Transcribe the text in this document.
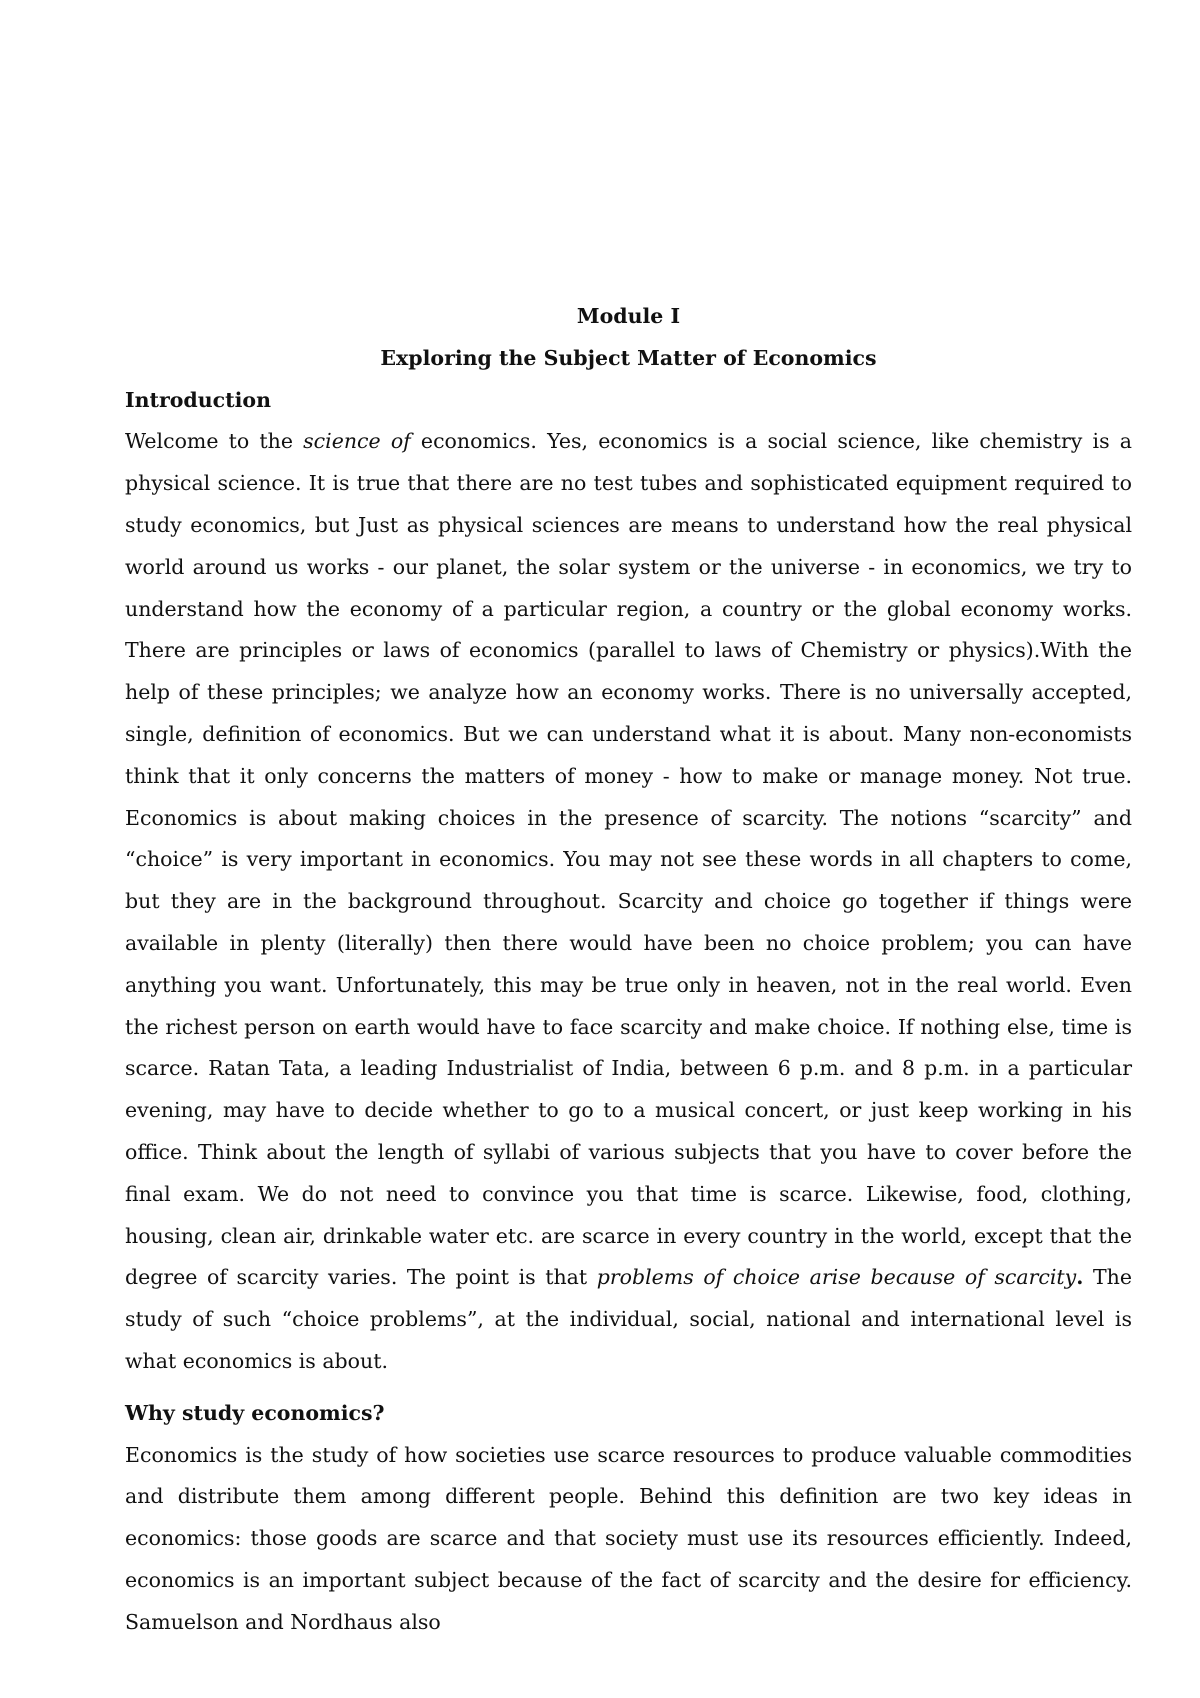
Module I

Exploring the Subject Matter of Economics

Introduction

Welcome to the science of economics. Yes, economics is a social science, like chemistry is a physical science. It is true that there are no test tubes and sophisticated equipment required to study economics, but Just as physical sciences are means to understand how the real physical world around us works - our planet, the solar system or the universe - in economics, we try to understand how the economy of a particular region, a country or the global economy works. There are principles or laws of economics (parallel to laws of Chemistry or physics).With the help of these principles; we analyze how an economy works. There is no universally accepted, single, definition of economics. But we can understand what it is about. Many non-economists think that it only concerns the matters of money - how to make or manage money. Not true. Economics is about making choices in the presence of scarcity. The notions “scarcity” and “choice” is very important in economics. You may not see these words in all chapters to come, but they are in the background throughout. Scarcity and choice go together if things were available in plenty (literally) then there would have been no choice problem; you can have anything you want. Unfortunately, this may be true only in heaven, not in the real world. Even the richest person on earth would have to face scarcity and make choice. If nothing else, time is scarce. Ratan Tata, a leading Industrialist of India, between 6 p.m. and 8 p.m. in a particular evening, may have to decide whether to go to a musical concert, or just keep working in his office. Think about the length of syllabi of various subjects that you have to cover before the final exam. We do not need to convince you that time is scarce. Likewise, food, clothing, housing, clean air, drinkable water etc. are scarce in every country in the world, except that the degree of scarcity varies. The point is that problems of choice arise because of scarcity. The study of such “choice problems”, at the individual, social, national and international level is what economics is about.

Why study economics?

Economics is the study of how societies use scarce resources to produce valuable commodities and distribute them among different people. Behind this definition are two key ideas in economics: those goods are scarce and that society must use its resources efficiently. Indeed, economics is an important subject because of the fact of scarcity and the desire for efficiency. Samuelson and Nordhaus also
